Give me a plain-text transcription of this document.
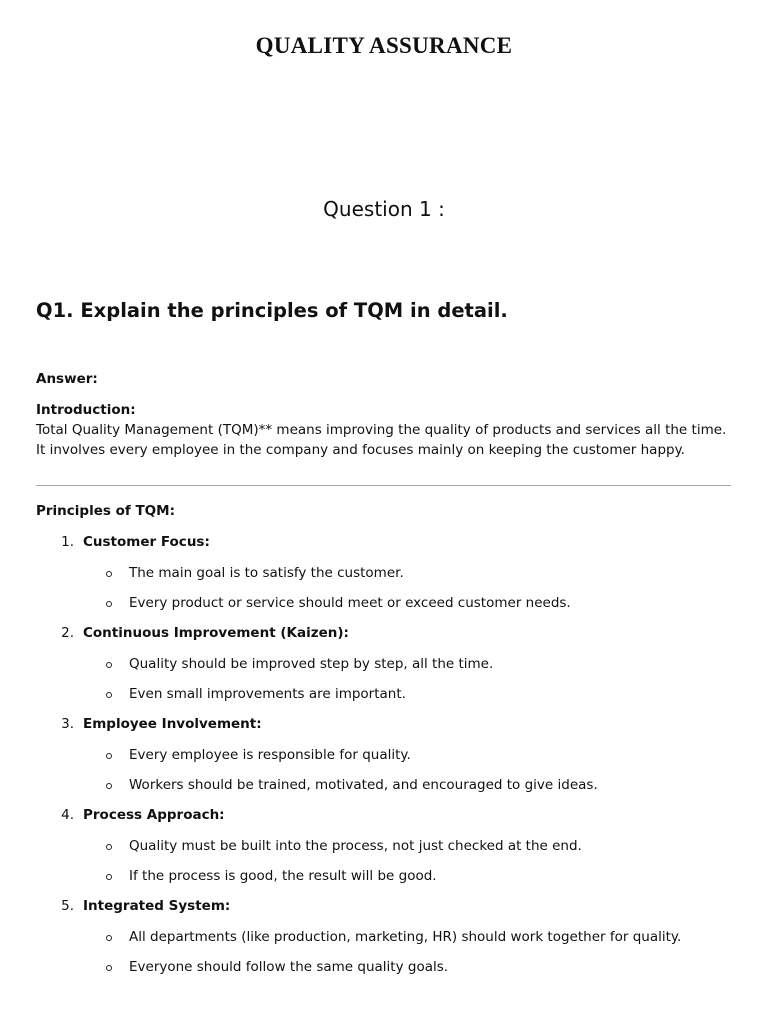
QUALITY ASSURANCE
Question 1 :
Q1. Explain the principles of TQM in detail.
Answer:
Introduction:
Total Quality Management (TQM)** means improving the quality of products and services all the time.
It involves every employee in the company and focuses mainly on keeping the customer happy.
Principles of TQM:
1. Customer Focus:
The main goal is to satisfy the customer.
Every product or service should meet or exceed customer needs.
2. Continuous Improvement (Kaizen):
Quality should be improved step by step, all the time.
Even small improvements are important.
3. Employee Involvement:
Every employee is responsible for quality.
Workers should be trained, motivated, and encouraged to give ideas.
4. Process Approach:
Quality must be built into the process, not just checked at the end.
If the process is good, the result will be good.
5. Integrated System:
All departments (like production, marketing, HR) should work together for quality.
Everyone should follow the same quality goals.
